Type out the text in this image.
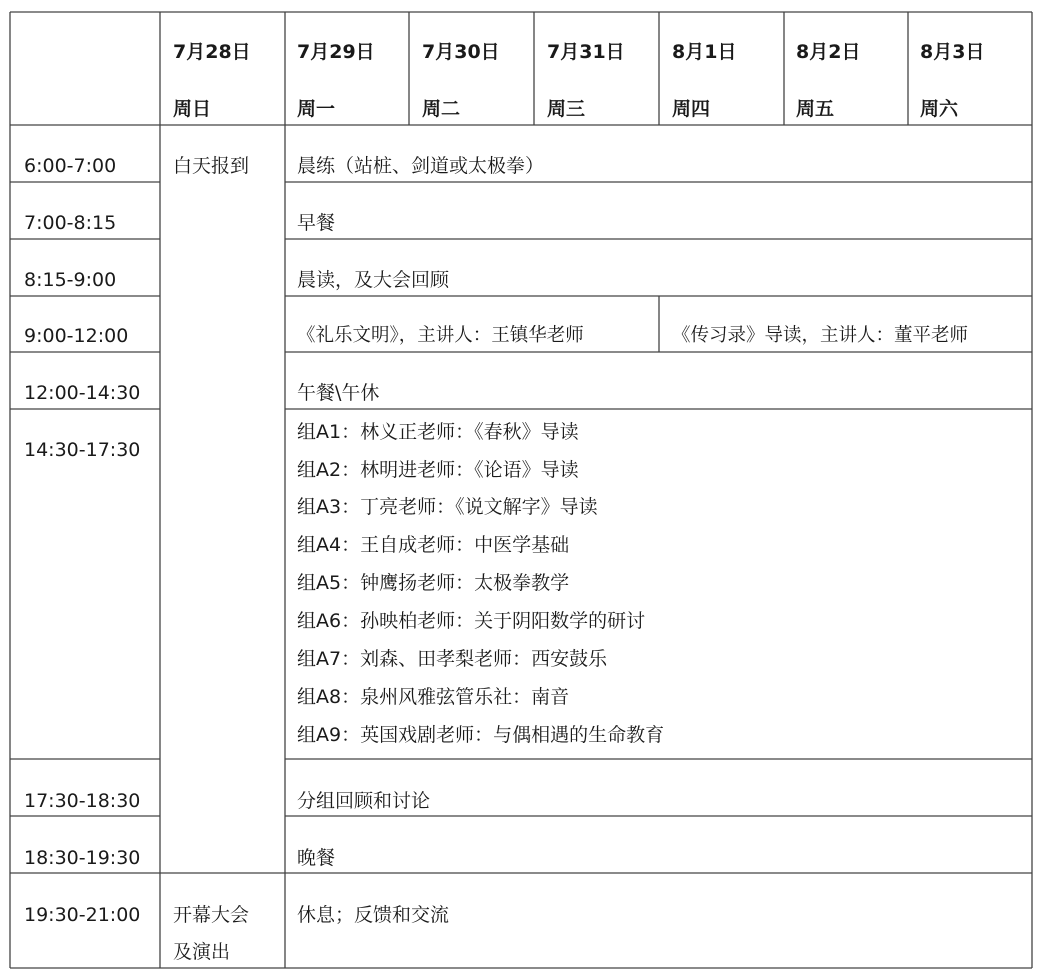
7月28日
周日
7月29日
周一
7月30日
周二
7月31日
周三
8月1日
周四
8月2日
周五
8月3日
周六
6:00-7:00
7:00-8:15
8:15-9:00
9:00-12:00
12:00-14:30
14:30-17:30
17:30-18:30
18:30-19:30
19:30-21:00
白天报到
开幕大会
及演出
晨练（站桩、剑道或太极拳）
早餐
晨读，及大会回顾
《礼乐文明》，主讲人：王镇华老师	《传习录》导读，主讲人：董平老师
午餐\午休
组A1：林义正老师：《春秋》导读
组A2：林明进老师：《论语》导读
组A3：丁亮老师：《说文解字》导读
组A4：王自成老师：中医学基础
组A5：钟鹰扬老师：太极拳教学
组A6：孙映柏老师：关于阴阳数学的研讨
组A7：刘森、田孝梨老师：西安鼓乐
组A8：泉州风雅弦管乐社：南音
组A9：英国戏剧老师：与偶相遇的生命教育
分组回顾和讨论
晚餐
休息；反馈和交流
